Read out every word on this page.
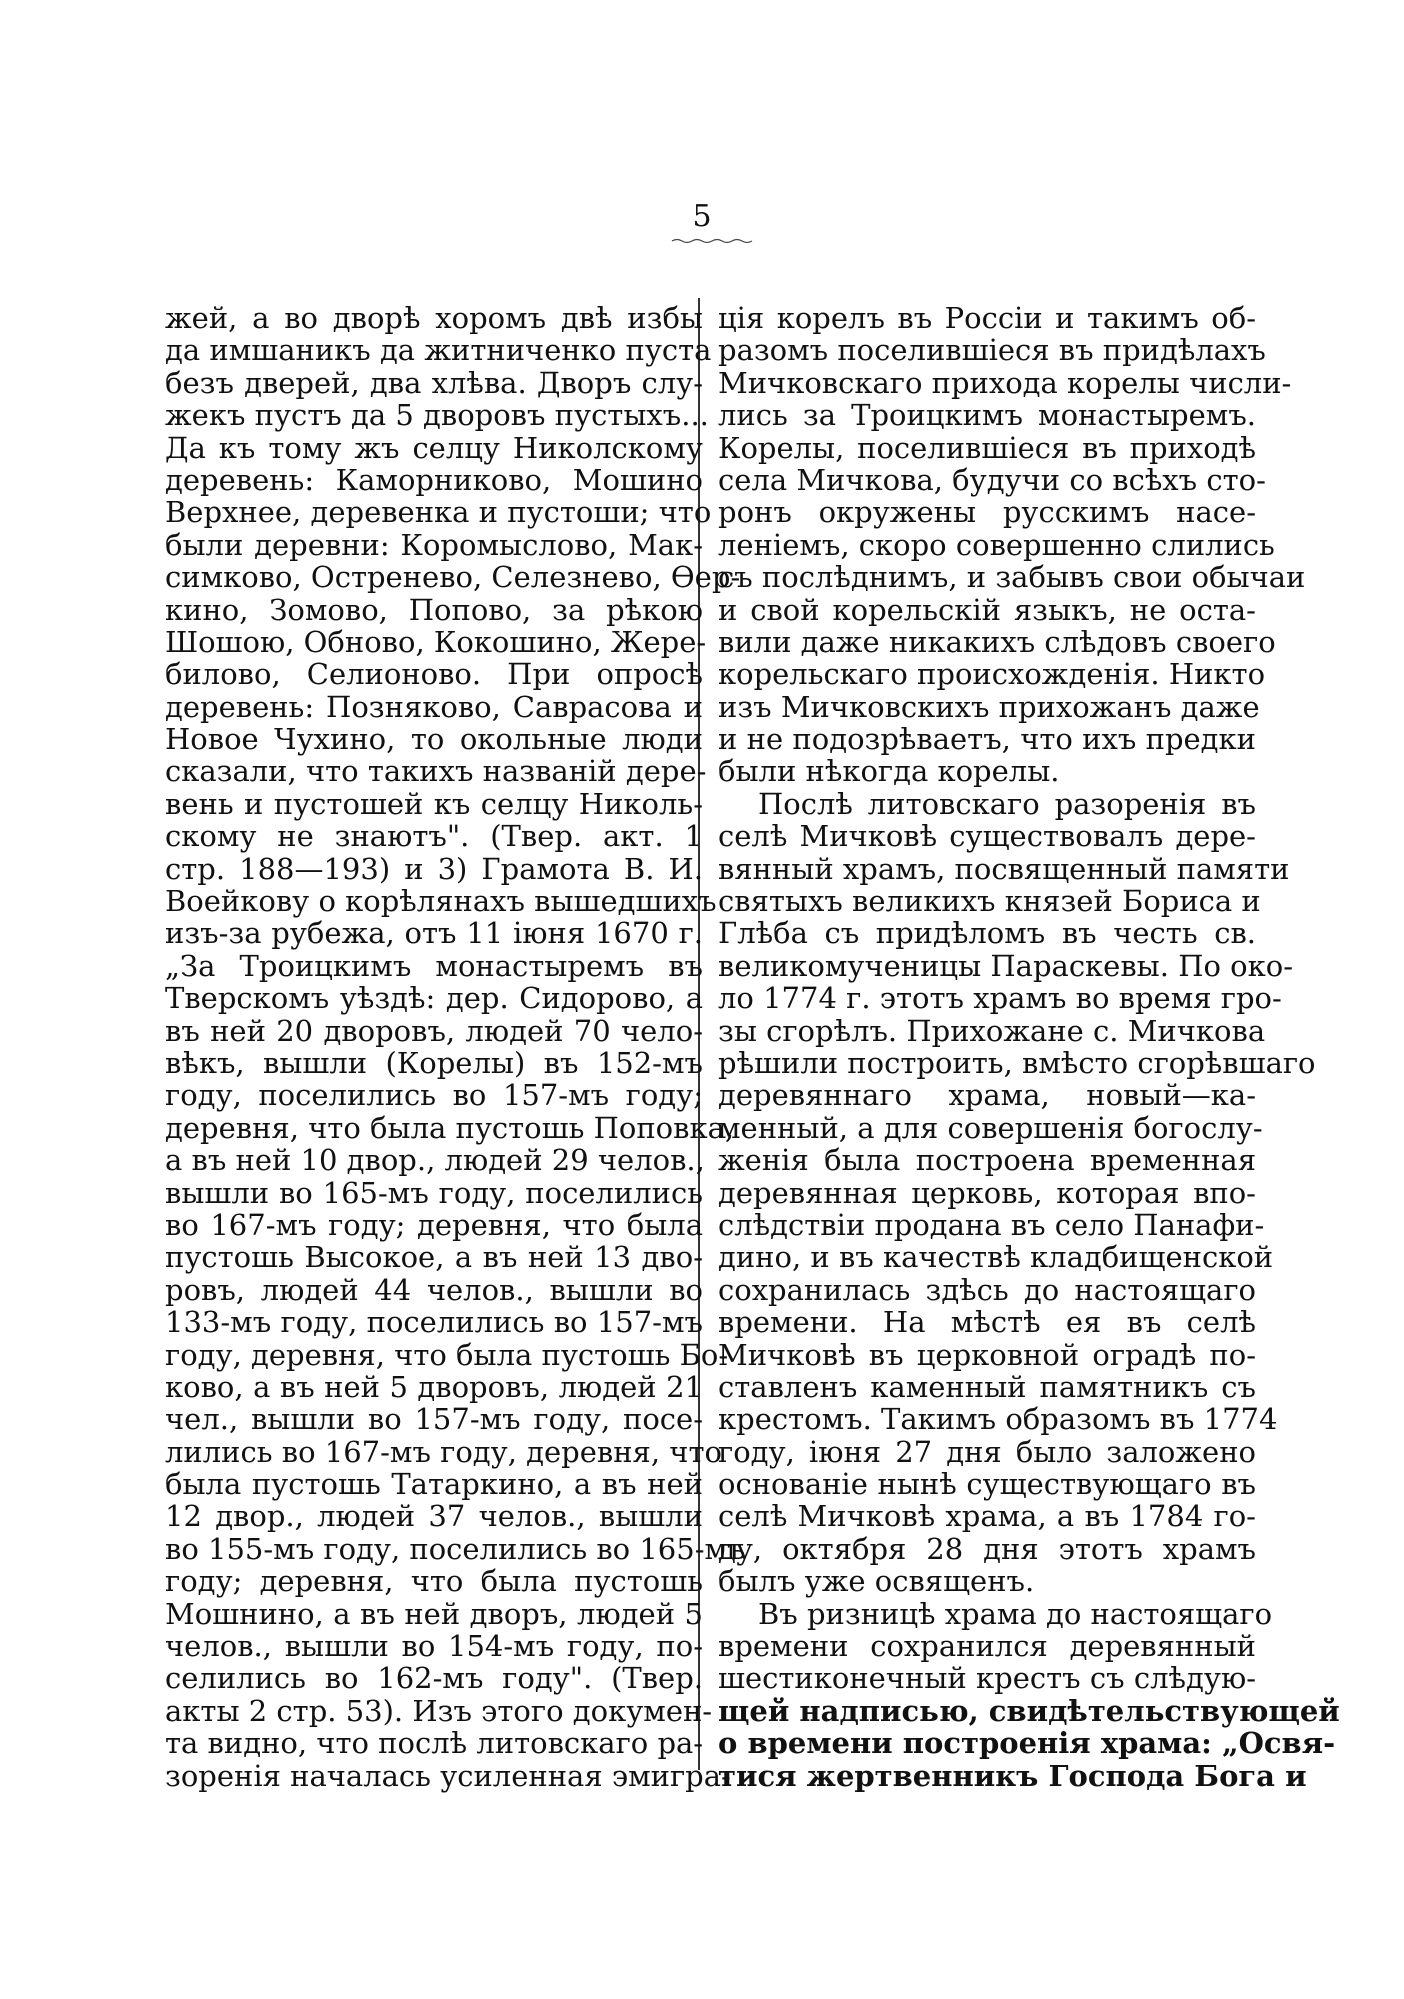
5
жей, а во дворѣ хоромъ двѣ избы
да имшаникъ да житниченко пуста
безъ дверей, два хлѣва. Дворъ слу-
жекъ пустъ да 5 дворовъ пустыхъ...
Да къ тому жъ селцу Николскому
деревень: Каморниково, Мошино
Верхнее, деревенка и пустоши; что
были деревни: Коромыслово, Мак-
симково, Остренево, Селезнево, Өер-
кино, Зомово, Попово, за рѣкою
Шошою, Обново, Кокошино, Жере-
билово, Селионово. При опросѣ
деревень: Позняково, Саврасова и
Новое Чухино, то окольные люди
сказали, что такихъ названій дере-
вень и пустошей къ селцу Николь-
скому не знаютъ". (Твер. акт. 1
стр. 188—193) и 3) Грамота В. И.
Воейкову о корѣлянахъ вышедшихъ
изъ-за рубежа, отъ 11 іюня 1670 г.
„За Троицкимъ монастыремъ въ
Тверскомъ уѣздѣ: дер. Сидорово, а
въ ней 20 дворовъ, людей 70 чело-
вѣкъ, вышли (Корелы) въ 152-мъ
году, поселились во 157-мъ году;
деревня, что была пустошь Поповка,
а въ ней 10 двор., людей 29 челов.,
вышли во 165-мъ году, поселились
во 167-мъ году; деревня, что была
пустошь Высокое, а въ ней 13 дво-
ровъ, людей 44 челов., вышли во
133-мъ году, поселились во 157-мъ
году, деревня, что была пустошь Бо-
ково, а въ ней 5 дворовъ, людей 21
чел., вышли во 157-мъ году, посе-
лились во 167-мъ году, деревня, что
была пустошь Татаркино, а въ ней
12 двор., людей 37 челов., вышли
во 155-мъ году, поселились во 165-мъ
году; деревня, что была пустошь
Мошнино, а въ ней дворъ, людей 5
челов., вышли во 154-мъ году, по-
селились во 162-мъ году". (Твер.
акты 2 стр. 53). Изъ этого докумен-
та видно, что послѣ литовскаго ра-
зоренія началась усиленная эмигра-
ція корелъ въ Россіи и такимъ об-
разомъ поселившіеся въ придѣлахъ
Мичковскаго прихода корелы числи-
лись за Троицкимъ монастыремъ.
Корелы, поселившіеся въ приходѣ
села Мичкова, будучи со всѣхъ сто-
ронъ окружены русскимъ насе-
леніемъ, скоро совершенно слились
съ послѣднимъ, и забывъ свои обычаи
и свой корельскій языкъ, не оста-
вили даже никакихъ слѣдовъ своего
корельскаго происхожденія. Никто
изъ Мичковскихъ прихожанъ даже
и не подозрѣваетъ, что ихъ предки
были нѣкогда корелы.
Послѣ литовскаго разоренія въ
селѣ Мичковѣ существовалъ дере-
вянный храмъ, посвященный памяти
святыхъ великихъ князей Бориса и
Глѣба съ придѣломъ въ честь св.
великомученицы Параскевы. По око-
ло 1774 г. этотъ храмъ во время гро-
зы сгорѣлъ. Прихожане с. Мичкова
рѣшили построить, вмѣсто сгорѣвшаго
деревяннаго храма, новый—ка-
менный, а для совершенія богослу-
женія была построена временная
деревянная церковь, которая впо-
слѣдствіи продана въ село Панафи-
дино, и въ качествѣ кладбищенской
сохранилась здѣсь до настоящаго
времени. На мѣстѣ ея въ селѣ
Мичковѣ въ церковной оградѣ по-
ставленъ каменный памятникъ съ
крестомъ. Такимъ образомъ въ 1774
году, іюня 27 дня было заложено
основаніе нынѣ существующаго въ
селѣ Мичковѣ храма, а въ 1784 го-
ду, октября 28 дня этотъ храмъ
былъ уже освященъ.
Въ ризницѣ храма до настоящаго
времени сохранился деревянный
шестиконечный крестъ съ слѣдую-
щей надписью, свидѣтельствующей
о времени построенія храма: „Освя-
тися жертвенникъ Господа Бога и
